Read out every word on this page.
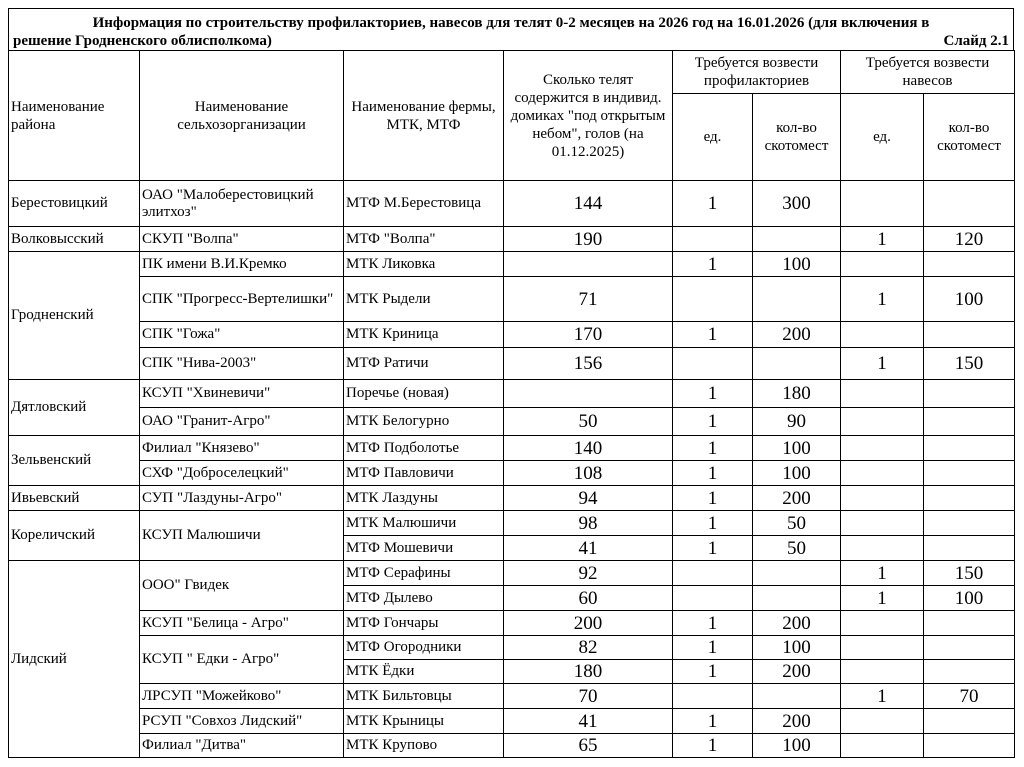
Информация по строительству профилакториев, навесов для телят 0-2 месяцев на 2026 год на 16.01.2026 (для включения в
решение Гродненского облисполкома)	Слайд 2.1
Наименование района	Наименование сельхозорганизации	Наименование фермы, МТК, МТФ	Сколько телят содержится в индивид. домиках "под открытым небом", голов (на 01.12.2025)	Требуется возвести профилакториев		Требуется возвести навесов	
				ед.	кол-во скотомест	ед.	кол-во скотомест
Берестовицкий	ОАО "Малоберестовицкий элитхоз"	МТФ М.Берестовица	144	1	300		
Волковысский	СКУП "Волпа"	МТФ "Волпа"	190			1	120
Гродненский	ПК имени В.И.Кремко	МТК Ликовка		1	100		
	СПК "Прогресс-Вертелишки"	МТК Рыдели	71			1	100
	СПК "Гожа"	МТК Криница	170	1	200		
	СПК "Нива-2003"	МТФ Ратичи	156			1	150
Дятловский	КСУП "Хвиневичи"	Поречье (новая)		1	180		
	ОАО "Гранит-Агро"	МТК Белогурно	50	1	90		
Зельвенский	Филиал "Князево"	МТФ Подболотье	140	1	100		
	СХФ "Доброселецкий"	МТФ Павловичи	108	1	100		
Ивьевский	СУП "Лаздуны-Агро"	МТК Лаздуны	94	1	200		
Кореличский	КСУП Малюшичи	МТК Малюшичи	98	1	50		
		МТФ Мошевичи	41	1	50		
Лидский	ООО" Гвидек	МТФ Серафины	92			1	150
		МТФ Дылево	60			1	100
	КСУП "Белица - Агро"	МТФ Гончары	200	1	200		
	КСУП " Едки - Агро"	МТФ Огородники	82	1	100		
		МТК Ёдки	180	1	200		
	ЛРСУП "Можейково"	МТК Бильтовцы	70			1	70
	РСУП "Совхоз Лидский"	МТК Крыницы	41	1	200		
	Филиал "Дитва"	МТК Крупово	65	1	100		
